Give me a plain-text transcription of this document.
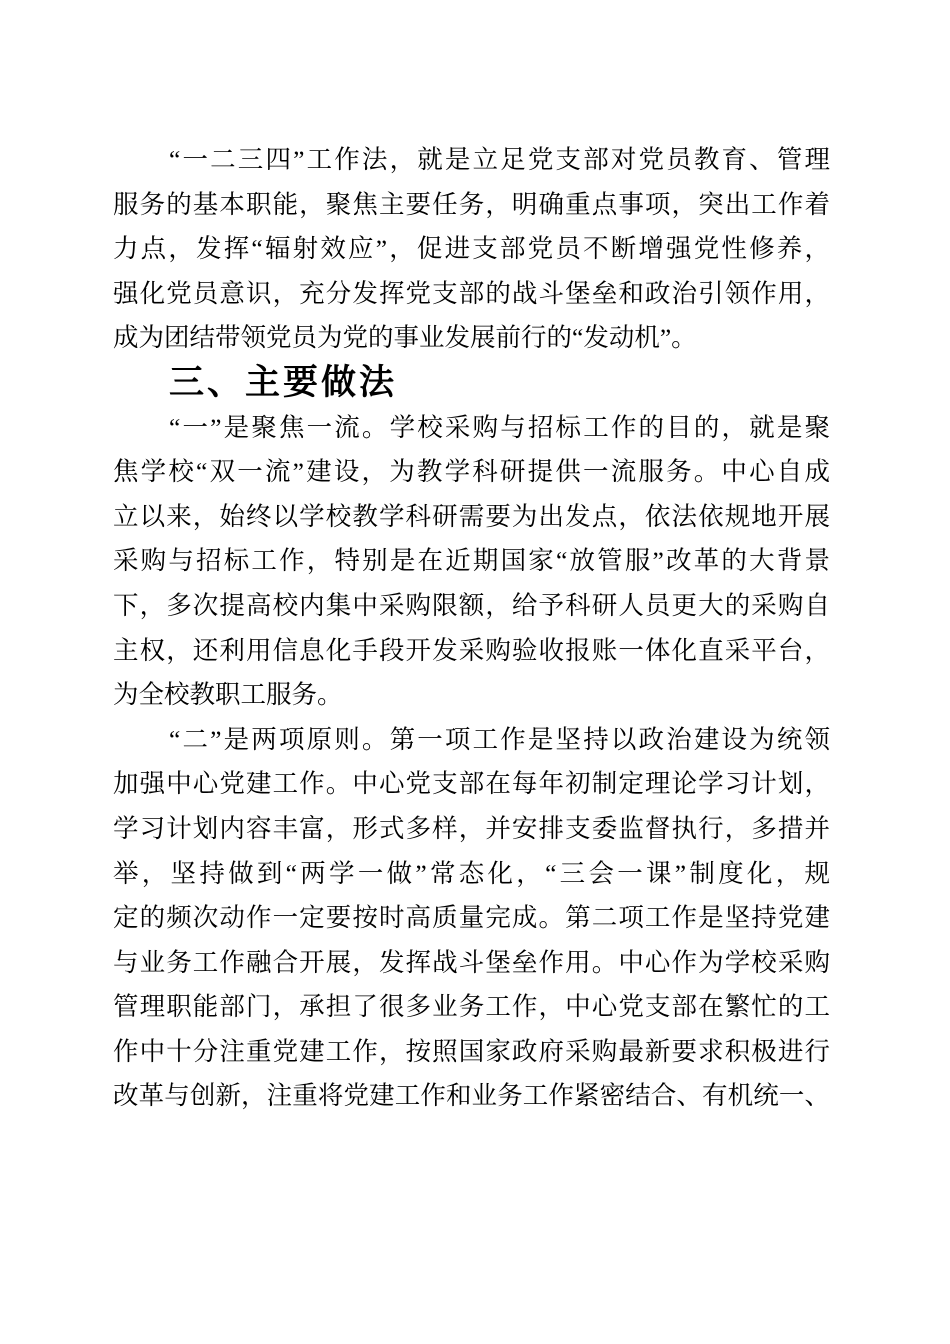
“一二三四”工作法，就是立足党支部对党员教育、管理
服务的基本职能，聚焦主要任务，明确重点事项，突出工作着
力点，发挥“辐射效应”，促进支部党员不断增强党性修养，
强化党员意识，充分发挥党支部的战斗堡垒和政治引领作用，
成为团结带领党员为党的事业发展前行的“发动机”。
三、主要做法
“一”是聚焦一流。学校采购与招标工作的目的，就是聚
焦学校“双一流”建设，为教学科研提供一流服务。中心自成
立以来，始终以学校教学科研需要为出发点，依法依规地开展
采购与招标工作，特别是在近期国家“放管服”改革的大背景
下，多次提高校内集中采购限额，给予科研人员更大的采购自
主权，还利用信息化手段开发采购验收报账一体化直采平台，
为全校教职工服务。
“二”是两项原则。第一项工作是坚持以政治建设为统领
加强中心党建工作。中心党支部在每年初制定理论学习计划，
学习计划内容丰富，形式多样，并安排支委监督执行，多措并
举，坚持做到“两学一做”常态化，“三会一课”制度化，规
定的频次动作一定要按时高质量完成。第二项工作是坚持党建
与业务工作融合开展，发挥战斗堡垒作用。中心作为学校采购
管理职能部门，承担了很多业务工作，中心党支部在繁忙的工
作中十分注重党建工作，按照国家政府采购最新要求积极进行
改革与创新，注重将党建工作和业务工作紧密结合、有机统一、
